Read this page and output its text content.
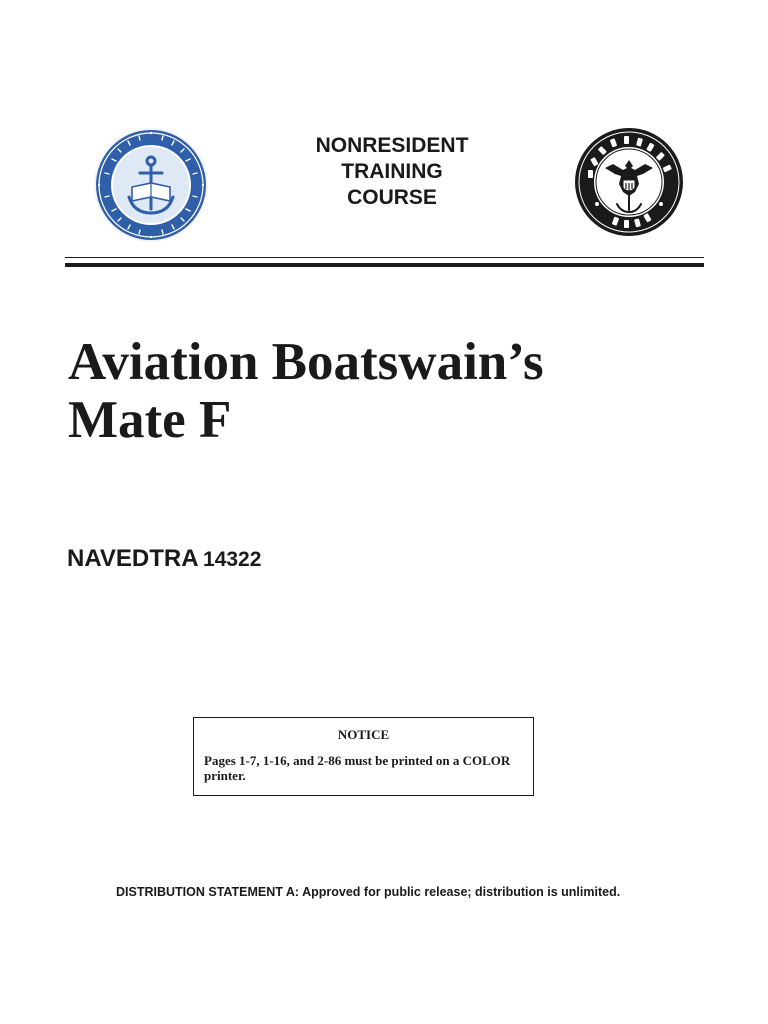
NONRESIDENT
TRAINING
COURSE
Aviation Boatswain’s
Mate F
NAVEDTRA 14322
NOTICE
Pages 1-7, 1-16, and 2-86 must be printed on a COLOR printer.
DISTRIBUTION STATEMENT A: Approved for public release; distribution is unlimited.
